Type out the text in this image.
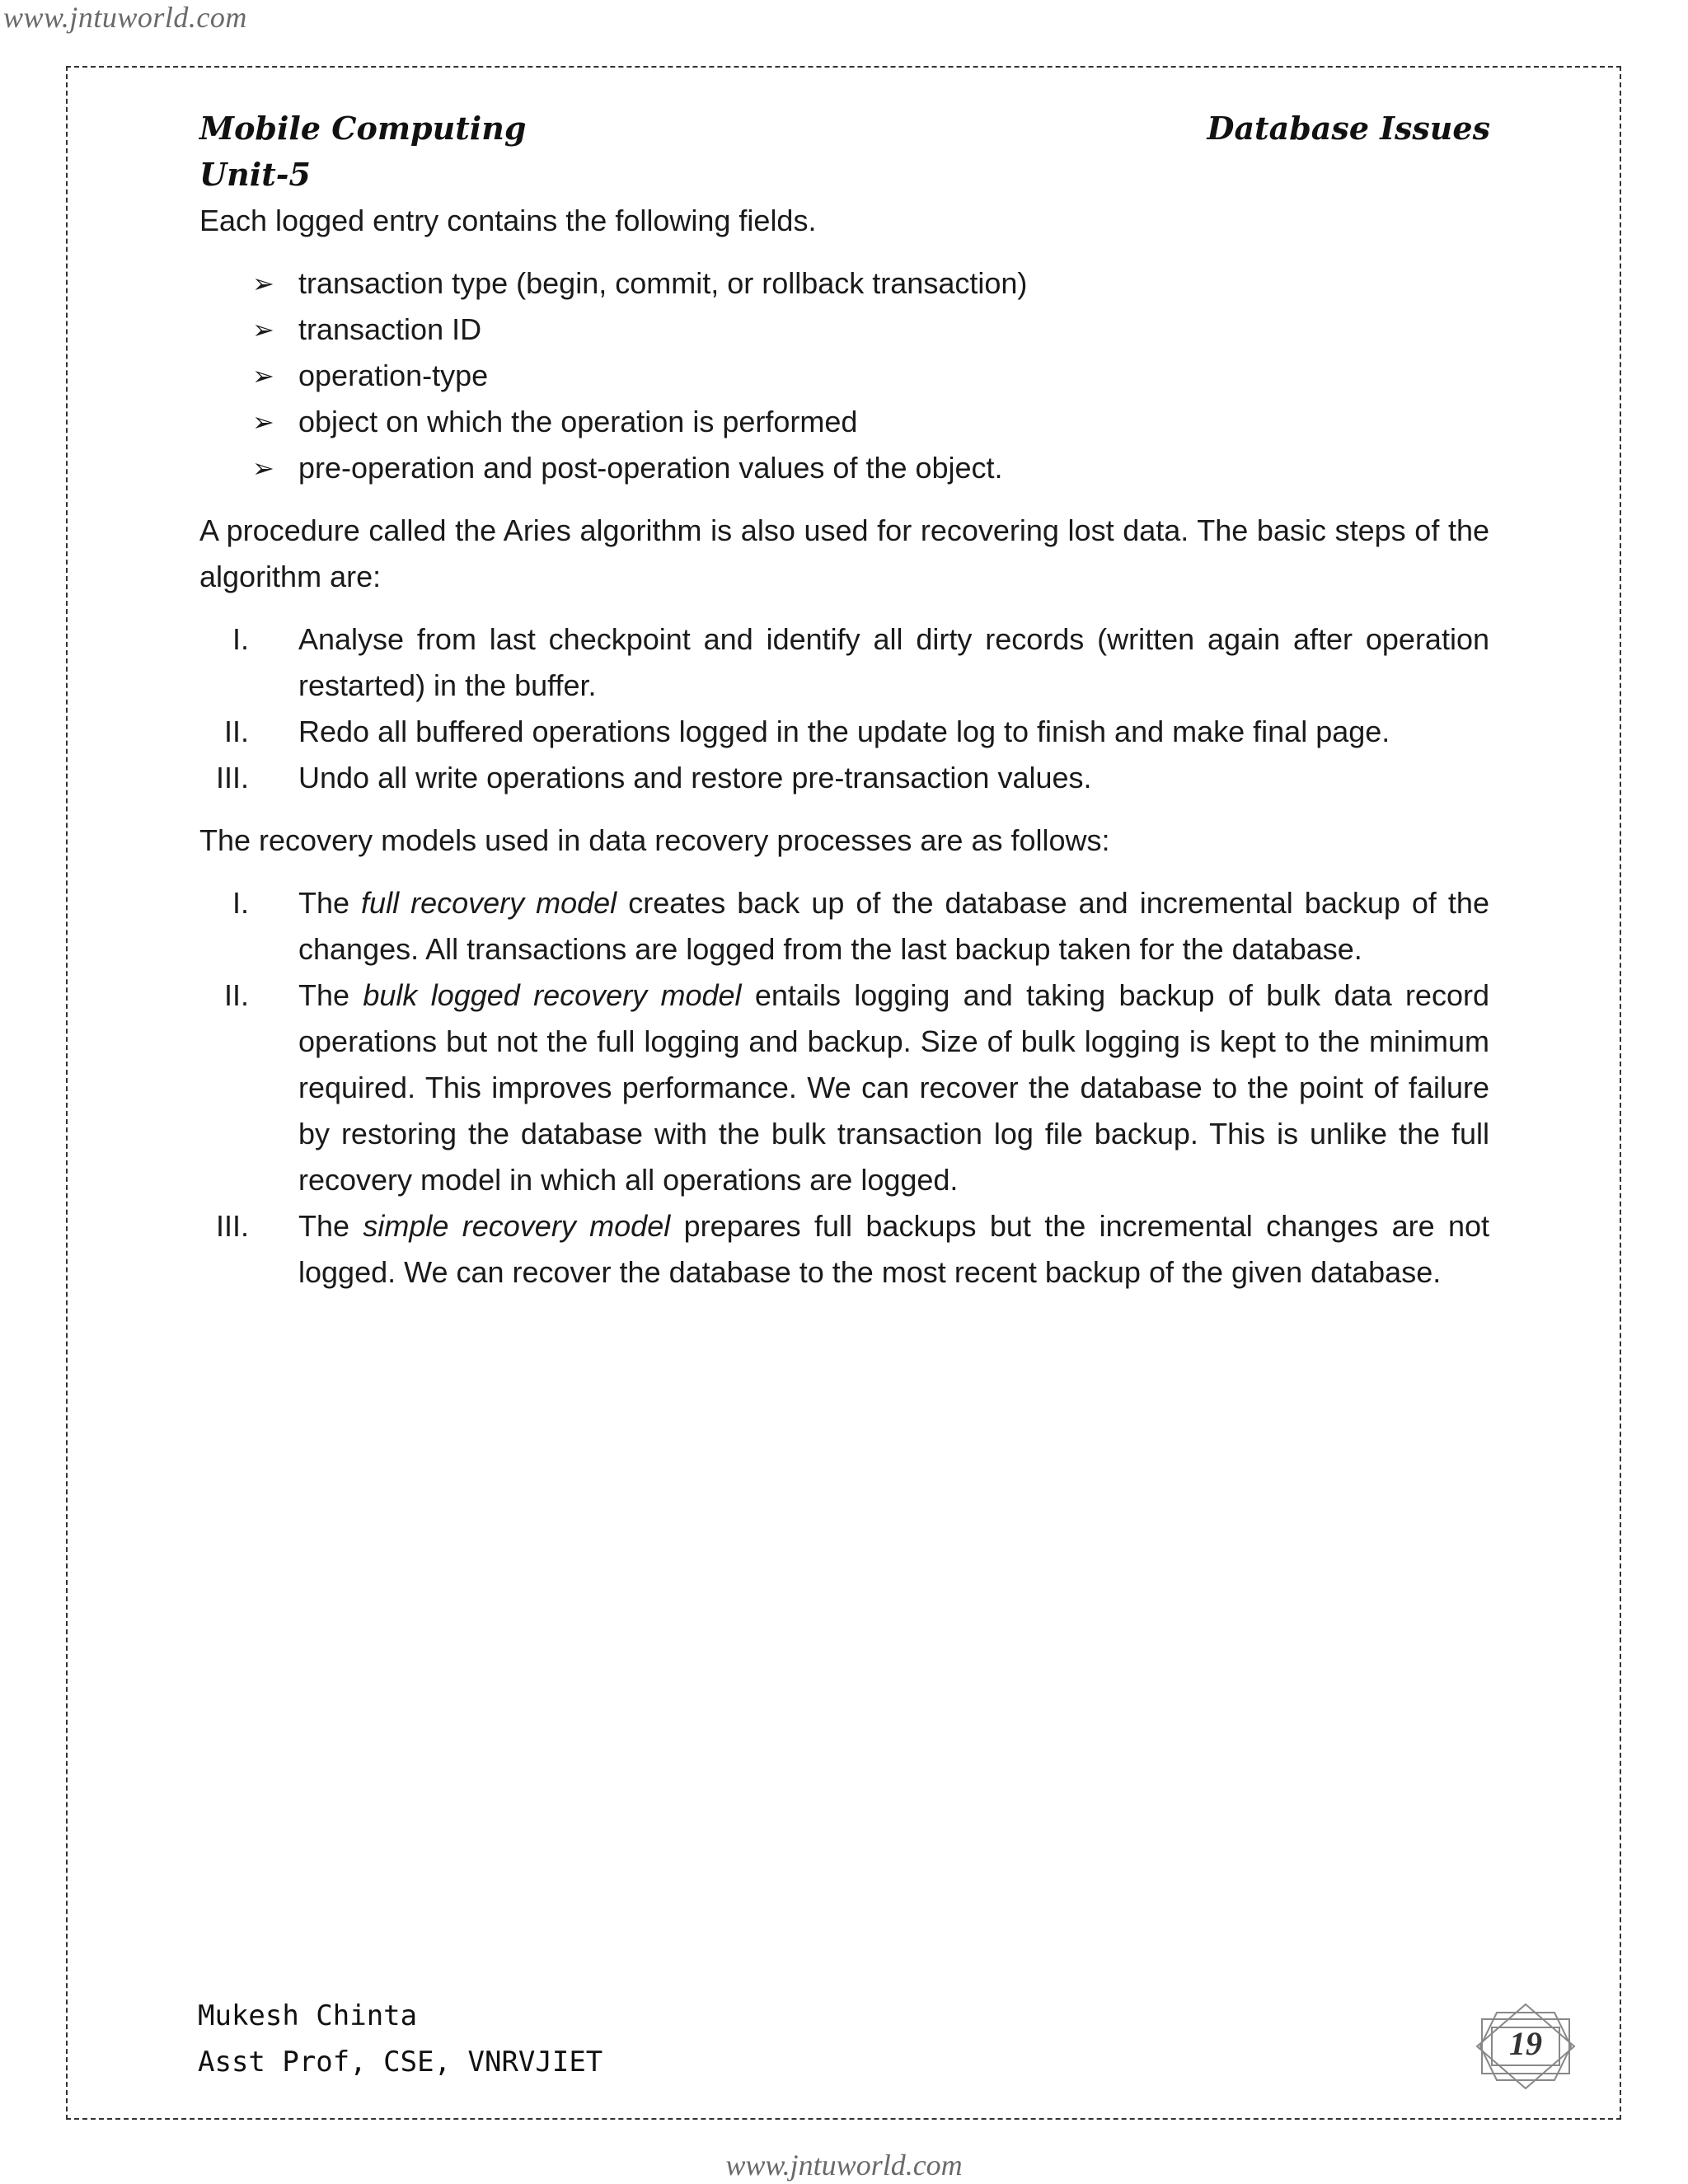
www.jntuworld.com
Mobile Computing
Unit-5
Database Issues

Each logged entry contains the following fields.

➢ transaction type (begin, commit, or rollback transaction)
➢ transaction ID
➢ operation-type
➢ object on which the operation is performed
➢ pre-operation and post-operation values of the object.

A procedure called the Aries algorithm is also used for recovering lost data. The basic steps of the algorithm are:

I. Analyse from last checkpoint and identify all dirty records (written again after operation restarted) in the buffer.
II. Redo all buffered operations logged in the update log to finish and make final page.
III. Undo all write operations and restore pre-transaction values.

The recovery models used in data recovery processes are as follows:

I. The full recovery model creates back up of the database and incremental backup of the changes. All transactions are logged from the last backup taken for the database.
II. The bulk logged recovery model entails logging and taking backup of bulk data record operations but not the full logging and backup. Size of bulk logging is kept to the minimum required. This improves performance. We can recover the database to the point of failure by restoring the database with the bulk transaction log file backup. This is unlike the full recovery model in which all operations are logged.
III. The simple recovery model prepares full backups but the incremental changes are not logged. We can recover the database to the most recent backup of the given database.
Mukesh Chinta
Asst Prof, CSE, VNRVJIET	19
www.jntuworld.com
